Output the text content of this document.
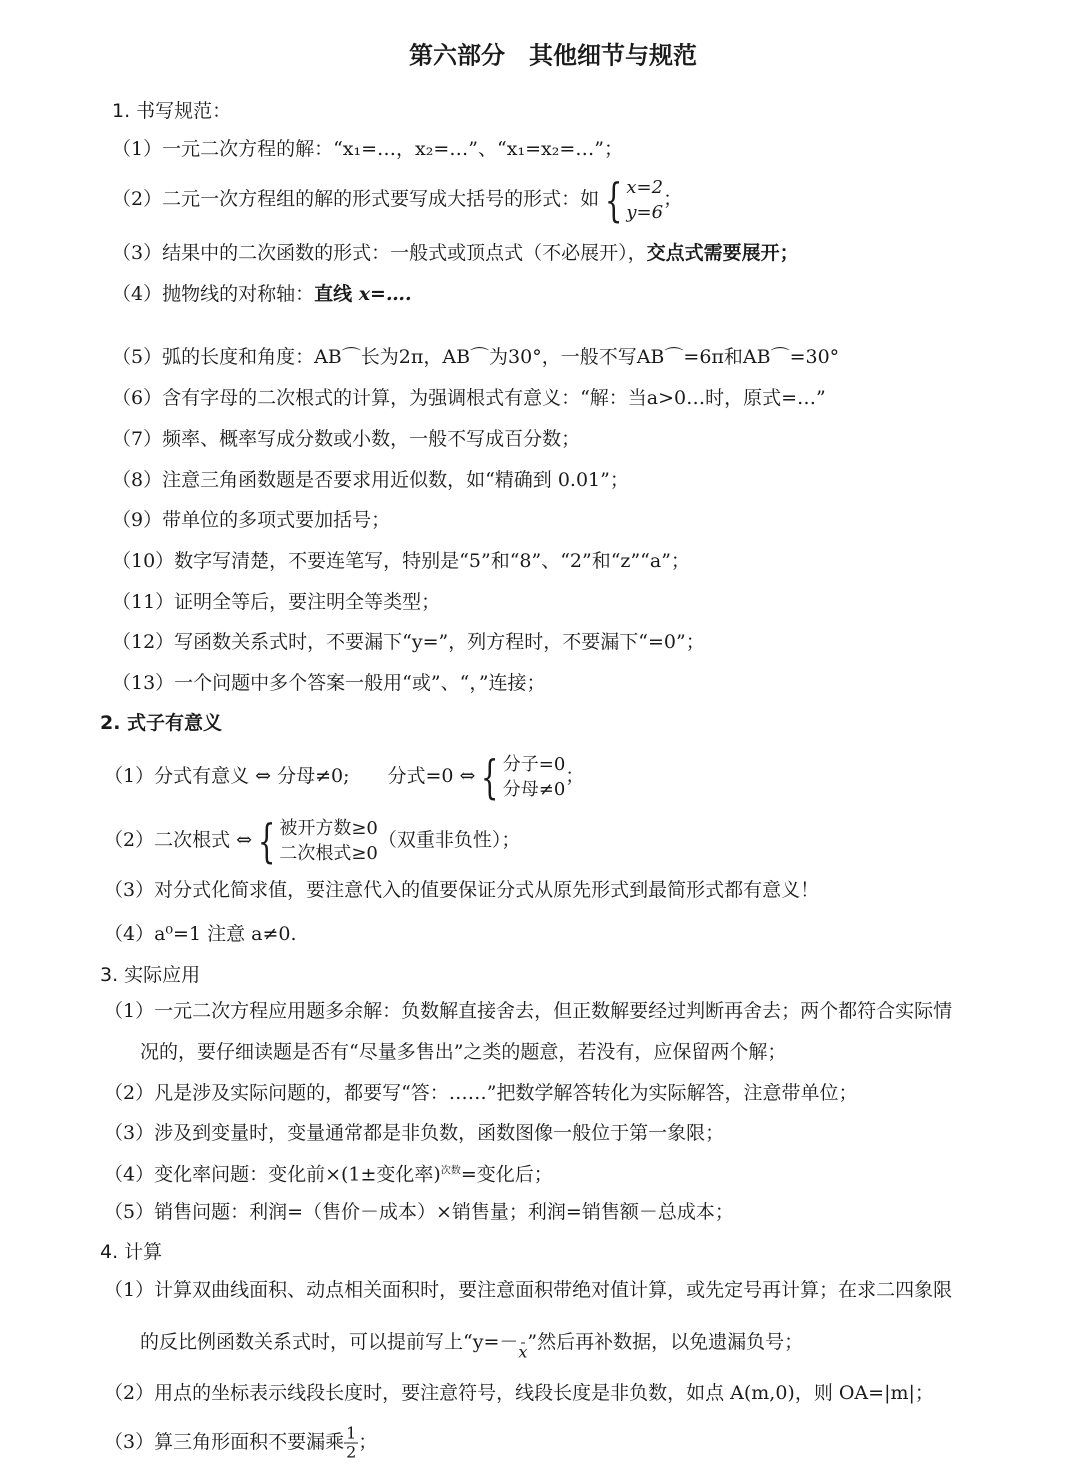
第六部分　其他细节与规范
1. 书写规范：
（1）一元二次方程的解：“x₁=…，x₂=…”、“x₁=x₂=…”；
（2）二元一次方程组的解的形式要写成大括号的形式：如 { x=2
y=6
；
（3）结果中的二次函数的形式：一般式或顶点式（不必展开），交点式需要展开；
（4）抛物线的对称轴：直线 x=….
（5）弧的长度和角度：AB⌒长为2π，AB⌒为30°，一般不写AB⌒=6π和AB⌒=30°
（6）含有字母的二次根式的计算，为强调根式有意义：“解：当a>0…时，原式=…”
（7）频率、概率写成分数或小数，一般不写成百分数；
（8）注意三角函数题是否要求用近似数，如“精确到 0.01”；
（9）带单位的多项式要加括号；
（10）数字写清楚，不要连笔写，特别是“5”和“8”、“2”和“z”“a”；
（11）证明全等后，要注明全等类型；
（12）写函数关系式时，不要漏下“y=”，列方程时，不要漏下“=0”；
（13）一个问题中多个答案一般用“或”、“，”连接；
2. 式子有意义
（1）分式有意义 ⇔ 分母≠0;　　分式=0 ⇔ { 分子=0
分母≠0
；
（2）二次根式 ⇔ { 被开方数≥0
二次根式≥0
（双重非负性）；
（3）对分式化简求值，要注意代入的值要保证分式从原先形式到最简形式都有意义！
（4）a⁰=1 注意 a≠0.
3. 实际应用
（1）一元二次方程应用题多余解：负数解直接舍去，但正数解要经过判断再舍去；两个都符合实际情
况的，要仔细读题是否有“尽量多售出”之类的题意，若没有，应保留两个解；
（2）凡是涉及实际问题的，都要写“答：……”把数学解答转化为实际解答，注意带单位；
（3）涉及到变量时，变量通常都是非负数，函数图像一般位于第一象限；
（4）变化率问题：变化前×(1±变化率)$^{次数}$=变化后；
（5）销售问题：利润=（售价－成本）×销售量；利润=销售额－总成本；
4. 计算
（1）计算双曲线面积、动点相关面积时，要注意面积带绝对值计算，或先定号再计算；在求二四象限
的反比例函数关系式时，可以提前写上“y=－ x ”然后再补数据，以免遗漏负号；
（2）用点的坐标表示线段长度时，要注意符号，线段长度是非负数，如点 A(m,0)，则 OA=|m|；
（3）算三角形面积不要漏乘 $\frac{1}{2}$ ；
